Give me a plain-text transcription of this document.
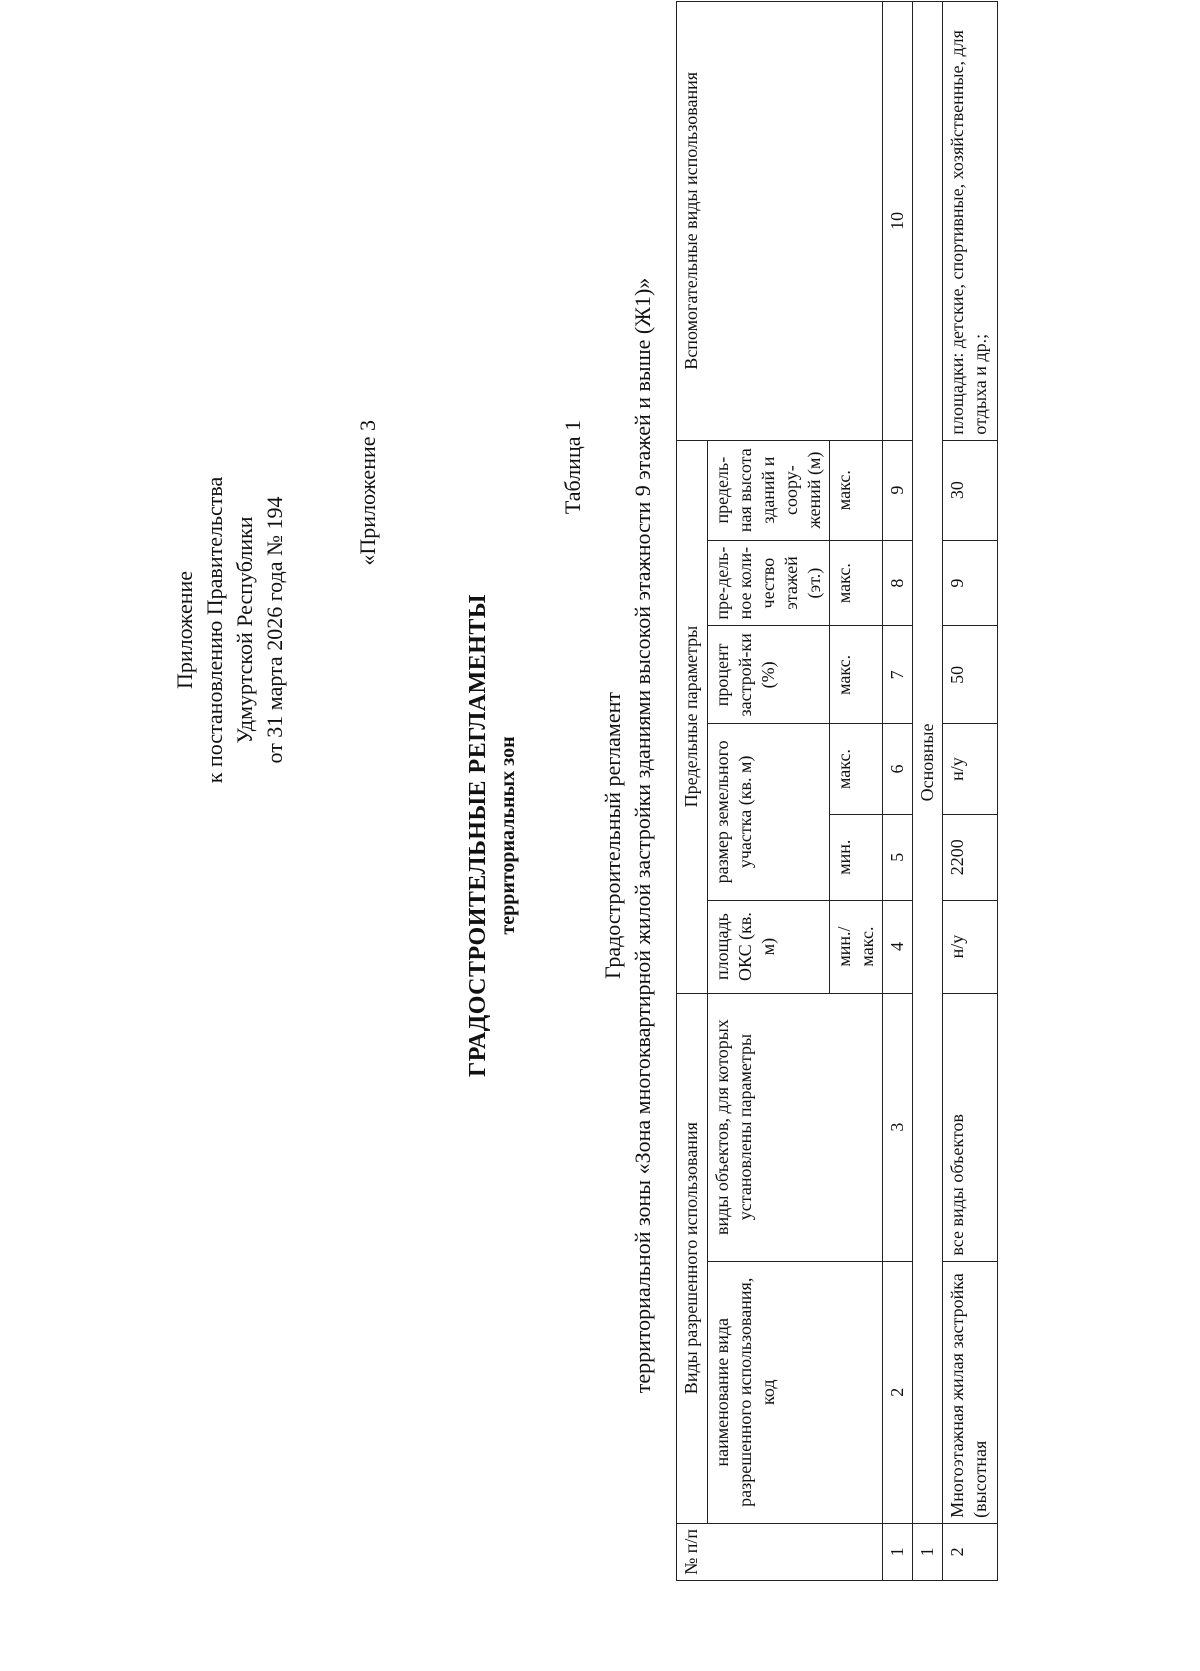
Приложение к постановлению Правительства Удмуртской Республики от 31 марта 2026 года № 194
«Приложение 3
ГРАДОСТРОИТЕЛЬНЫЕ РЕГЛАМЕНТЫ территориальных зон
Таблица 1
Градостроительный регламент территориальной зоны «Зона многоквартирной жилой застройки зданиями высокой этажности 9 этажей и выше (Ж1)»
№ п/п	Виды разрешенного использования		Предельные параметры						Вспомогательные виды использования
	наименование вида разрешенного использования, код	виды объектов, для которых установлены параметры	площадь ОКС (кв. м)	размер земельного участка (кв. м)		процент застрой-ки (%)	пре-дель-ное коли-чество этажей (эт.)	предель-ная высота зданий и соору-жений (м)	
			мин./ макс.	мин.	макс.	макс.	макс.	макс.	
1	2	3	4	5	6	7	8	9	10
1	Основные								
2	Многоэтажная жилая застройка (высотная	все виды объектов	н/у	2200	н/у	50	9	30	площадки: детские, спортивные, хозяйственные, для отдыха и др.;
